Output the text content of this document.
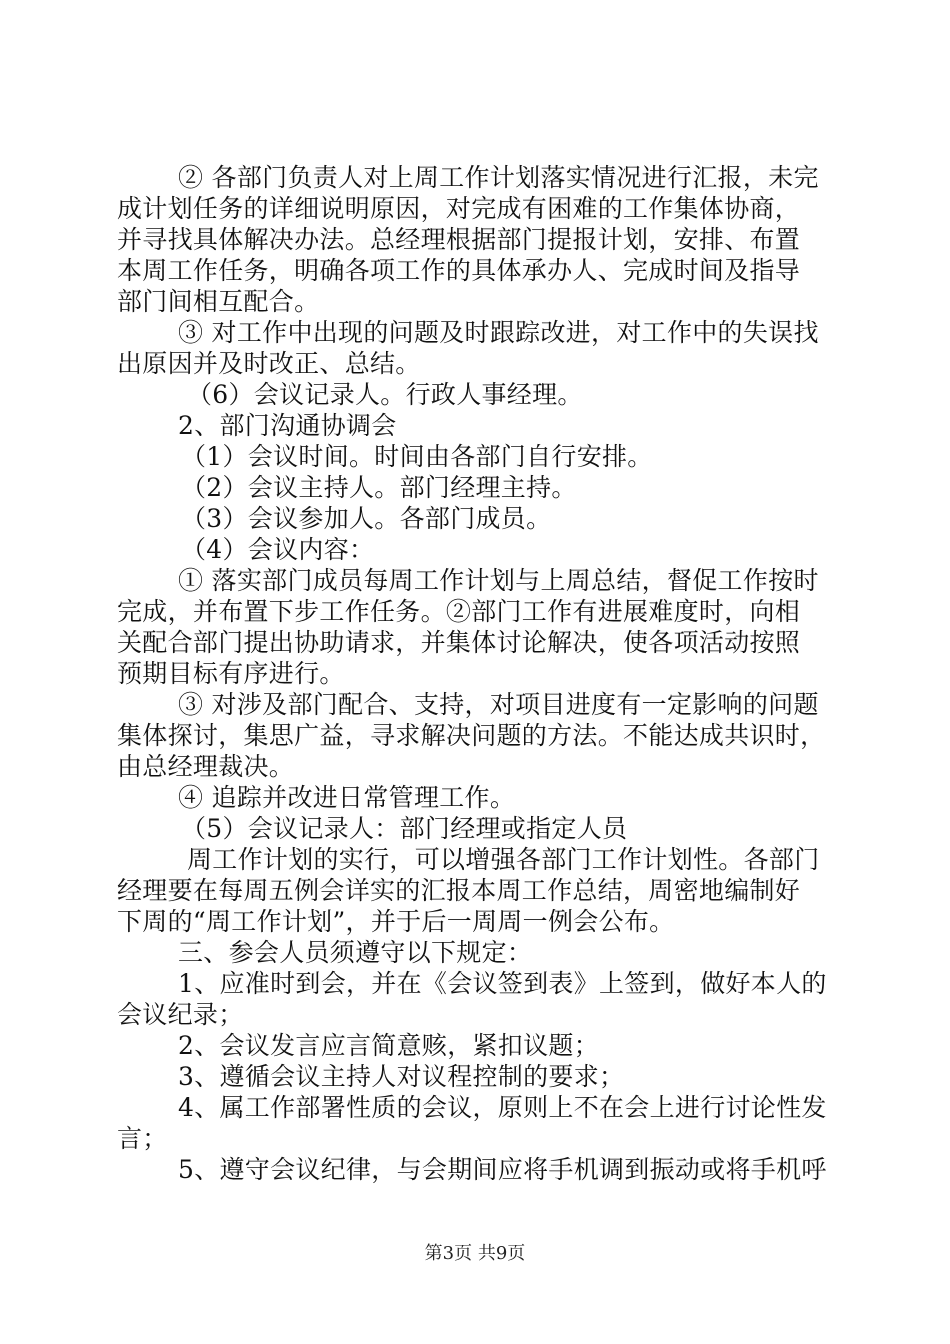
② 各部门负责人对上周工作计划落实情况进行汇报，未完
成计划任务的详细说明原因，对完成有困难的工作集体协商，
并寻找具体解决办法。总经理根据部门提报计划，安排、布置
本周工作任务，明确各项工作的具体承办人、完成时间及指导
部门间相互配合。
③ 对工作中出现的问题及时跟踪改进，对工作中的失误找
出原因并及时改正、总结。
（6）会议记录人。行政人事经理。
2、部门沟通协调会
（1）会议时间。时间由各部门自行安排。
（2）会议主持人。部门经理主持。
（3）会议参加人。各部门成员。
（4）会议内容：
① 落实部门成员每周工作计划与上周总结，督促工作按时
完成，并布置下步工作任务。②部门工作有进展难度时，向相
关配合部门提出协助请求，并集体讨论解决，使各项活动按照
预期目标有序进行。
③ 对涉及部门配合、支持，对项目进度有一定影响的问题
集体探讨，集思广益，寻求解决问题的方法。不能达成共识时，
由总经理裁决。
④ 追踪并改进日常管理工作。
（5）会议记录人：部门经理或指定人员
周工作计划的实行，可以增强各部门工作计划性。各部门
经理要在每周五例会详实的汇报本周工作总结，周密地编制好
下周的“周工作计划”，并于后一周周一例会公布。
三、参会人员须遵守以下规定：
1、应准时到会，并在《会议签到表》上签到，做好本人的
会议纪录；
2、会议发言应言简意赅，紧扣议题；
3、遵循会议主持人对议程控制的要求；
4、属工作部署性质的会议，原则上不在会上进行讨论性发
言；
5、遵守会议纪律，与会期间应将手机调到振动或将手机呼
第3页 共9页
